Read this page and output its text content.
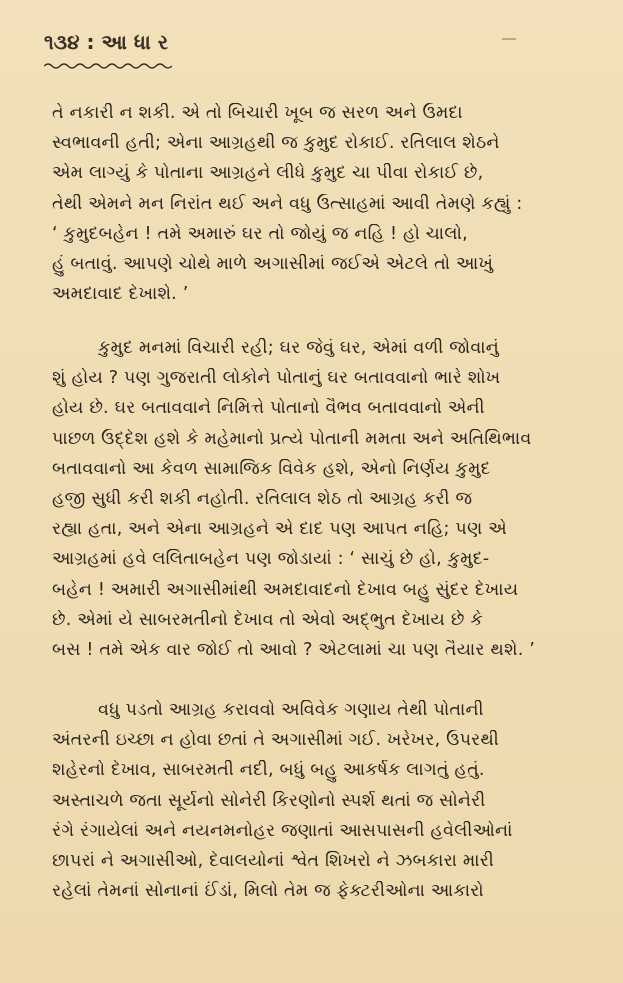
૧૩૪ : આ ધા ર
તે નકારી ન શકી. એ તો બિચારી ખૂબ જ સરળ અને ઉમદા
સ્વભાવની હતી; એના આગ્રહથી જ કુમુદ રોકાઈ. રતિલાલ શેઠને
એમ લાગ્યું કે પોતાના આગ્રહને લીધે કુમુદ ચા પીવા રોકાઈ છે,
તેથી એમને મન નિરાંત થઈ અને વધુ ઉત્સાહમાં આવી તેમણે કહ્યું :
‘ કુમુદબહેન ! તમે અમારું ઘર તો જોયું જ નહિ ! હો ચાલો,
હું બતાવું. આપણે ચોથે માળે અગાસીમાં જઈએ એટલે તો આખું
અમદાવાદ દેખાશે. ’
કુમુદ મનમાં વિચારી રહી; ઘર જેવું ઘર, એમાં વળી જોવાનું
શું હોય ? પણ ગુજરાતી લોકોને પોતાનું ઘર બતાવવાનો ભારે શોખ
હોય છે. ઘર બતાવવાને નિમિત્તે પોતાનો વૈભવ બતાવવાનો એની
પાછળ ઉદ્દેશ હશે કે મહેમાનો પ્રત્યે પોતાની મમતા અને અતિથિભાવ
બતાવવાનો આ કેવળ સામાજિક વિવેક હશે, એનો નિર્ણય કુમુદ
હજી સુધી કરી શકી નહોતી. રતિલાલ શેઠ તો આગ્રહ કરી જ
રહ્યા હતા, અને એના આગ્રહને એ દાદ પણ આપત નહિ; પણ એ
આગ્રહમાં હવે લલિતાબહેન પણ જોડાયાં : ‘ સાચું છે હો, કુમુદ-
બહેન ! અમારી અગાસીમાંથી અમદાવાદનો દેખાવ બહુ સુંદર દેખાય
છે. એમાં યે સાબરમતીનો દેખાવ તો એવો અદ્ભુત દેખાય છે કે
બસ ! તમે એક વાર જોઈ તો આવો ? એટલામાં ચા પણ તૈયાર થશે. ’
વધુ પડતો આગ્રહ કરાવવો અવિવેક ગણાય તેથી પોતાની
અંતરની ઇચ્છા ન હોવા છતાં તે અગાસીમાં ગઈ. ખરેખર, ઉપરથી
શહેરનો દેખાવ, સાબરમતી નદી, બધું બહુ આકર્ષક લાગતું હતું.
અસ્તાચળે જતા સૂર્યનો સોનેરી કિરણોનો સ્પર્શ થતાં જ સોનેરી
રંગે રંગાયેલાં અને નયનમનોહર જણાતાં આસપાસની હવેલીઓનાં
છાપરાં ને અગાસીઓ, દેવાલયોનાં શ્વેત શિખરો ને ઝબકારા મારી
રહેલાં તેમનાં સોનાનાં ઈંડાં, મિલો તેમ જ ફેક્ટરીઓના આકારો
